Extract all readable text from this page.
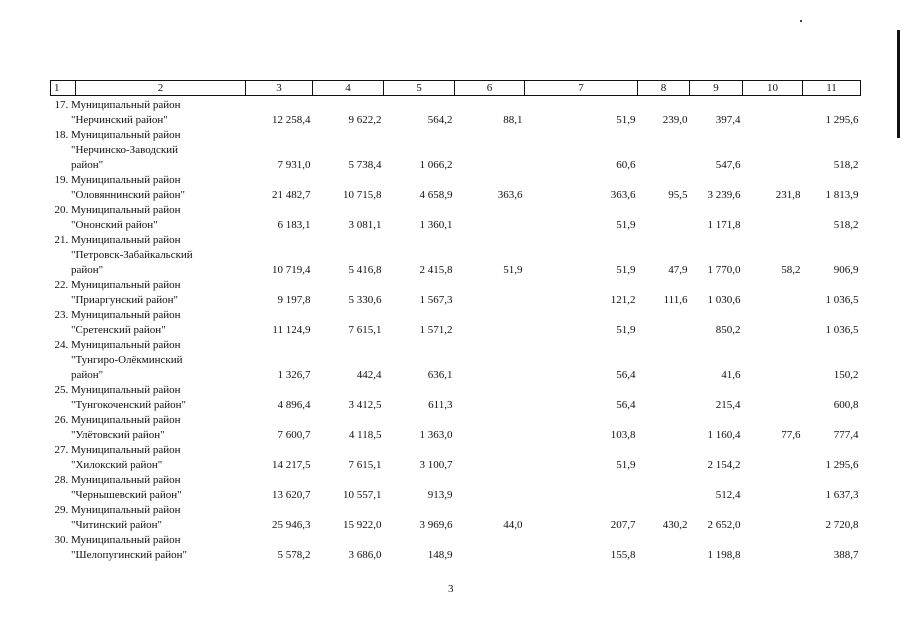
1	2	3	4	5	6	7	8	9	10	11

17. Муниципальный район
"Нерчинский район"		12 258,4	9 622,2	564,2	88,1	51,9	239,0	397,4		1 295,6
18. Муниципальный район
"Нерчинско-Заводский
район"		7 931,0	5 738,4	1 066,2		60,6		547,6		518,2
19. Муниципальный район
"Оловяннинский район"		21 482,7	10 715,8	4 658,9	363,6	363,6	95,5	3 239,6	231,8	1 813,9
20. Муниципальный район
"Ононский район"		6 183,1	3 081,1	1 360,1		51,9		1 171,8		518,2
21. Муниципальный район
"Петровск-Забайкальский
район"		10 719,4	5 416,8	2 415,8	51,9	51,9	47,9	1 770,0	58,2	906,9
22. Муниципальный район
"Приаргунский район"		9 197,8	5 330,6	1 567,3		121,2	111,6	1 030,6		1 036,5
23. Муниципальный район
"Сретенский район"		11 124,9	7 615,1	1 571,2		51,9		850,2		1 036,5
24. Муниципальный район
"Тунгиро-Олёкминский
район"		1 326,7	442,4	636,1		56,4		41,6		150,2
25. Муниципальный район
"Тунгокоченский район"		4 896,4	3 412,5	611,3		56,4		215,4		600,8
26. Муниципальный район
"Улётовский район"		7 600,7	4 118,5	1 363,0		103,8		1 160,4	77,6	777,4
27. Муниципальный район
"Хилокский район"		14 217,5	7 615,1	3 100,7		51,9		2 154,2		1 295,6
28. Муниципальный район
"Чернышевский район"		13 620,7	10 557,1	913,9				512,4		1 637,3
29. Муниципальный район
"Читинский район"		25 946,3	15 922,0	3 969,6	44,0	207,7	430,2	2 652,0		2 720,8
30. Муниципальный район
"Шелопугинский район"		5 578,2	3 686,0	148,9		155,8		1 198,8		388,7
3
